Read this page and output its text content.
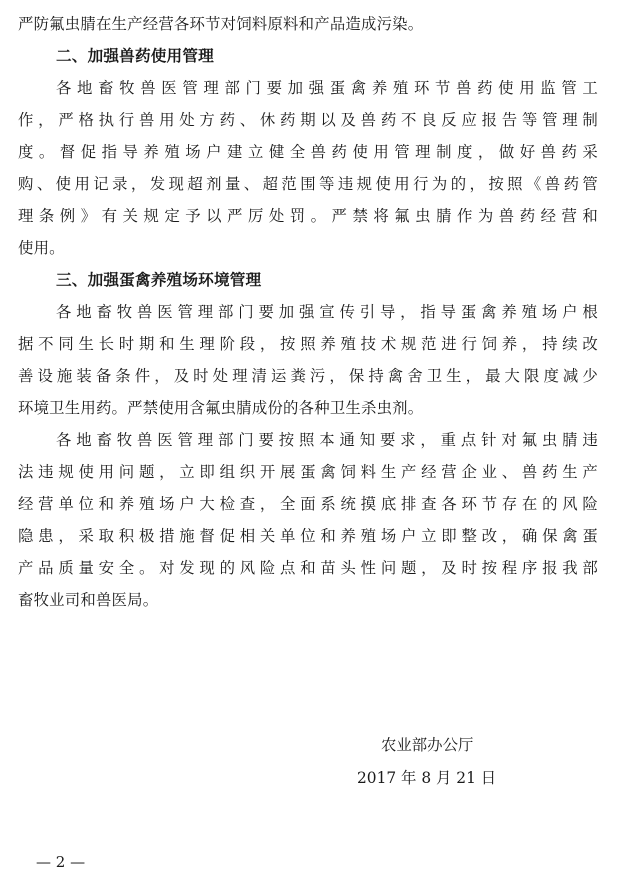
严防氟虫腈在生产经营各环节对饲料原料和产品造成污染。
二、加强兽药使用管理
各地畜牧兽医管理部门要加强蛋禽养殖环节兽药使用监管工
作，严格执行兽用处方药、休药期以及兽药不良反应报告等管理制
度。督促指导养殖场户建立健全兽药使用管理制度，做好兽药采
购、使用记录，发现超剂量、超范围等违规使用行为的，按照《兽药管
理条例》有关规定予以严厉处罚。严禁将氟虫腈作为兽药经营和
使用。
三、加强蛋禽养殖场环境管理
各地畜牧兽医管理部门要加强宣传引导，指导蛋禽养殖场户根
据不同生长时期和生理阶段，按照养殖技术规范进行饲养，持续改
善设施装备条件，及时处理清运粪污，保持禽舍卫生，最大限度减少
环境卫生用药。严禁使用含氟虫腈成份的各种卫生杀虫剂。
各地畜牧兽医管理部门要按照本通知要求，重点针对氟虫腈违
法违规使用问题，立即组织开展蛋禽饲料生产经营企业、兽药生产
经营单位和养殖场户大检查，全面系统摸底排查各环节存在的风险
隐患，采取积极措施督促相关单位和养殖场户立即整改，确保禽蛋
产品质量安全。对发现的风险点和苗头性问题，及时按程序报我部
畜牧业司和兽医局。
农业部办公厅
2017 年 8 月 21 日
— 2 —
